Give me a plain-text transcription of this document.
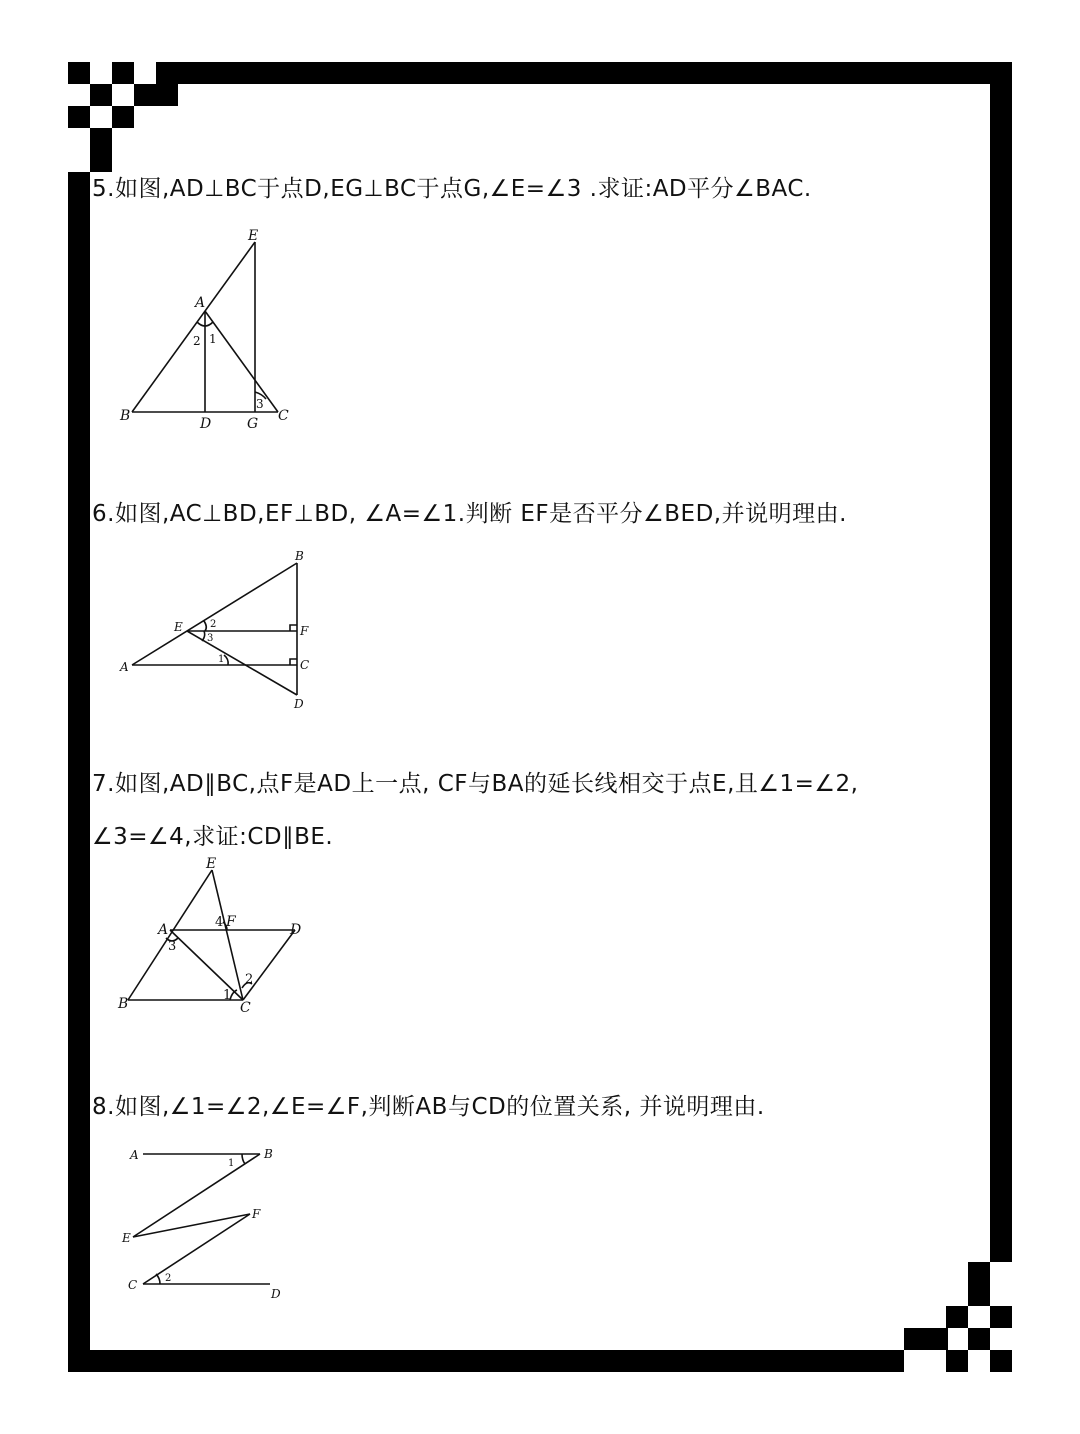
5.如图,AD⊥BC于点D,EG⊥BC于点G,∠E=∠3 .求证:AD平分∠BAC.
E
A
B	C
D	G
1
2
3
6.如图,AC⊥BD,EF⊥BD, ∠A=∠1.判断 EF是否平分∠BED,并说明理由.
B
E	F
A	C
D
1
2
3
7.如图,AD∥BC,点F是AD上一点, CF与BA的延长线相交于点E,且∠1=∠2,
∠3=∠4,求证:CD∥BE.
E
A	F	D
B	C
1
2
3
4
8.如图,∠1=∠2,∠E=∠F,判断AB与CD的位置关系, 并说明理由.
A	B
F
E
C
D
1
2
